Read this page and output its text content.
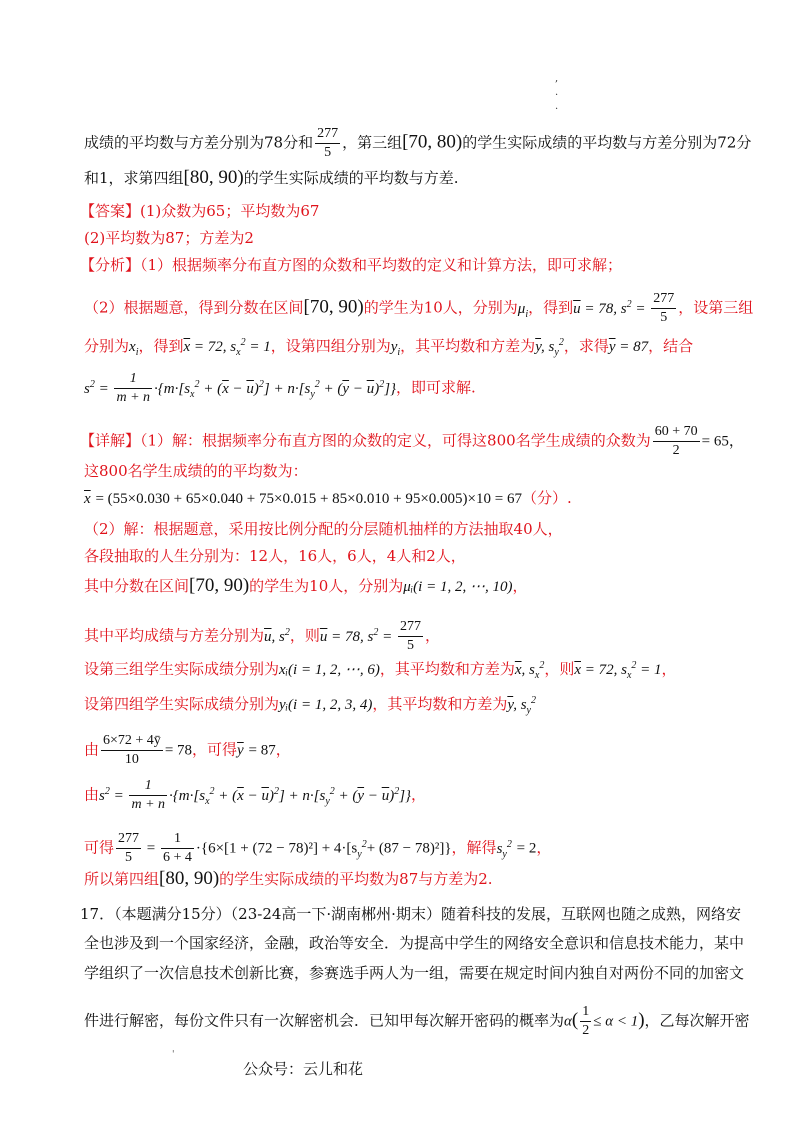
,
.
.
成绩的平均数与方差分别为78分和 $\frac{277}{5}$ ，第三组[70, 80)的学生实际成绩的平均数与方差分别为72分
和1，求第四组[80, 90)的学生实际成绩的平均数与方差.
【答案】(1)众数为65；平均数为67
(2)平均数为87；方差为2
【分析】（1）根据频率分布直方图的众数和平均数的定义和计算方法，即可求解；
（2）根据题意，得到分数在区间[70, 90)的学生为10人，分别为$\mu_i$，得到$\overline{u} = 78$, $s^2 = \frac{277}{5}$ ，设第三组
分别为$x_i$，得到$\overline{x} = 72$, $s_x^2 = 1$，设第四组分别为$y_i$，其平均数和方差为$\overline{y}$, $s_y^2$，求得$\overline{y} = 87$，结合
$s^2 = \frac{1}{m + n} \cdot\{m\cdot[s_x^2 + (\overline{x} - \overline{u})^2] + n\cdot[s_y^2 + (\overline{y} - \overline{u})^2]\}$，即可求解.
【详解】（1）解：根据频率分布直方图的众数的定义，可得这800名学生成绩的众数为 $\frac{60 + 70}{2} = 65$，
这800名学生成绩的的平均数为：
$\overline{x} = (55\times 0.030 + 65\times 0.040 + 75\times 0.015 + 85\times 0.010 + 95\times 0.005)\times 10 = 67$（分）.
（2）解：根据题意，采用按比例分配的分层随机抽样的方法抽取40人，
各段抽取的人生分别为：12人，16人，6人，4人和2人，
其中分数在区间[70, 90)的学生为10人，分别为μᵢ(i = 1, 2, ⋯, 10)，
其中平均成绩与方差分别为$\overline{u}$, $s^2$，则$\overline{u} = 78$, $s^2 = \frac{277}{5}$ ，
设第三组学生实际成绩分别为xᵢ(i = 1, 2, ⋯, 6)，其平均数和方差为$\overline{x}$, $s_x^2$，则$\overline{x} = 72$, $s_x^2 = 1$，
设第四组学生实际成绩分别为yᵢ(i = 1, 2, 3, 4)，其平均数和方差为$\overline{y}$, $s_y^2$
由 $\frac{6\times 72 + 4ȳ}{10} = 78$，可得$\overline{y} = 87$，
由$s^2 = \frac{1}{m + n} \cdot\{m\cdot[s_x^2 + (\overline{x} - \overline{u})^2] + n\cdot[s_y^2 + (\overline{y} - \overline{u})^2]\}$，
可得 $\frac{277}{5} = \frac{1}{6 + 4} \cdot\{6\times[1 + (72 - 78)^2] + 4\cdot[s_y^2+ (87 - 78)^2]\}$，解得$s_y^2 = 2$，
所以第四组[80, 90)的学生实际成绩的平均数为87与方差为2.
17．（本题满分15分）（23-24高一下·湖南郴州·期末）随着科技的发展，互联网也随之成熟，网络安
全也涉及到一个国家经济，金融，政治等安全．为提高中学生的网络安全意识和信息技术能力，某中
学组织了一次信息技术创新比赛，参赛选手两人为一组，需要在规定时间内独自对两份不同的加密文
件进行解密，每份文件只有一次解密机会．已知甲每次解开密码的概率为$\alpha( \frac{1}{2} \le \alpha < 1)$，乙每次解开密
'
公众号：云儿和花
